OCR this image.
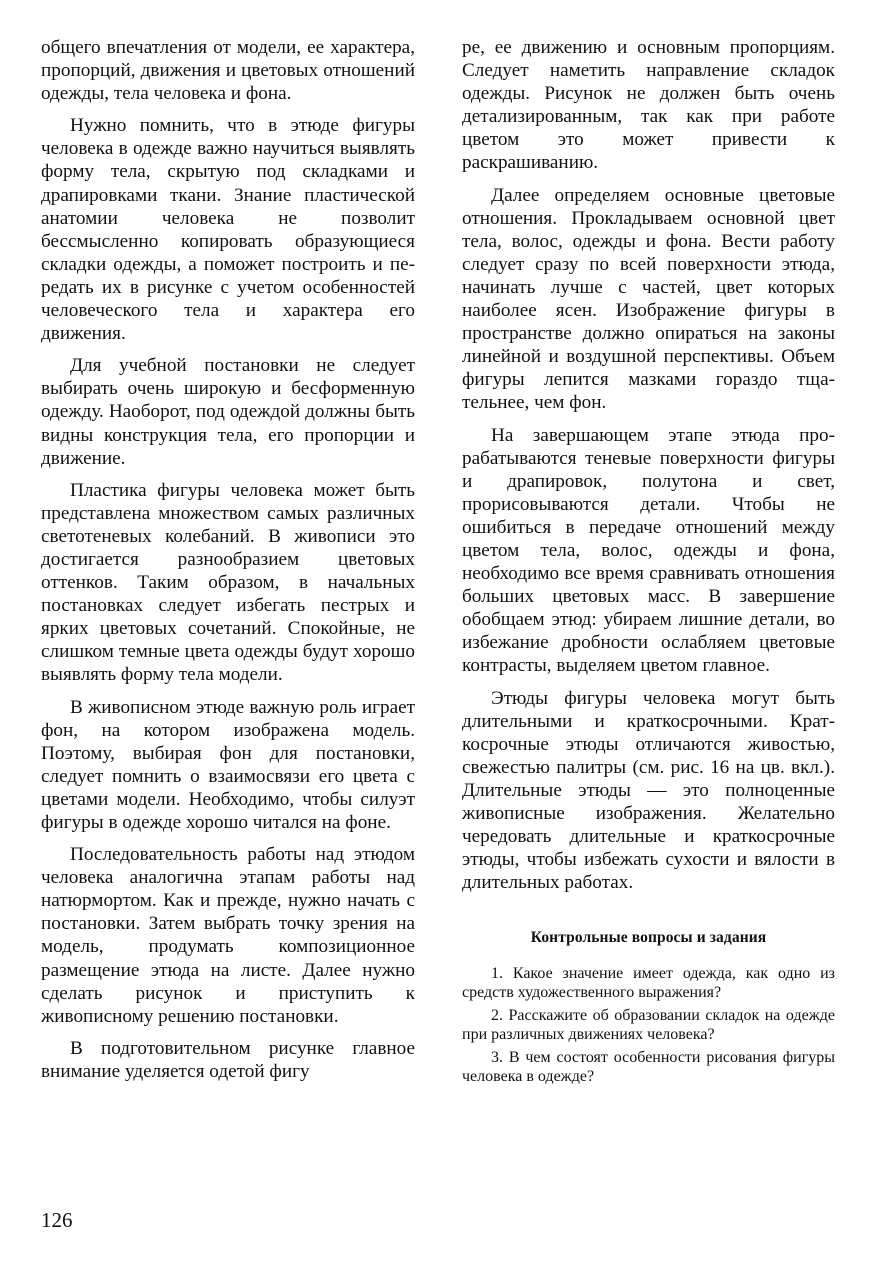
общего впечатления от модели, ее характера, пропорций, движения и цветовых отношений одежды, тела человека и фона.

Нужно помнить, что в этюде фигуры человека в одежде важно научиться выявлять форму тела, скрытую под складками и драпировками ткани. Знание пластической анатомии человека не позволит бессмысленно копировать образующиеся складки одежды, а поможет построить и передать их в рисунке с учетом особенностей человеческого тела и характера его движения.

Для учебной постановки не следует выбирать очень широкую и бесформенную одежду. Наоборот, под одеждой должны быть видны конструкция тела, его пропорции и движение.

Пластика фигуры человека может быть представлена множеством самых различных светотеневых колебаний. В живописи это достигается разнообразием цветовых оттенков. Таким образом, в начальных постановках следует избегать пестрых и ярких цветовых сочетаний. Спокойные, не слишком темные цвета одежды будут хорошо выявлять форму тела модели.

В живописном этюде важную роль играет фон, на котором изображена модель. Поэтому, выбирая фон для постановки, следует помнить о взаимосвязи его цвета с цветами модели. Необходимо, чтобы силуэт фигуры в одежде хорошо читался на фоне.

Последовательность работы над этюдом человека аналогична этапам работы над натюрмортом. Как и прежде, нужно начать с постановки. Затем выбрать точку зрения на модель, продумать композиционное размещение этюда на листе. Далее нужно сделать рисунок и приступить к живописному решению постановки.

В подготовительном рисунке главное внимание уделяется одетой фигу

ре, ее движению и основным пропорциям. Следует наметить направление складок одежды. Рисунок не должен быть очень детализированным, так как при работе цветом это может привести к раскрашиванию.

Далее определяем основные цветовые отношения. Прокладываем основной цвет тела, волос, одежды и фона. Вести работу следует сразу по всей поверхности этюда, начинать лучше с частей, цвет которых наиболее ясен. Изображение фигуры в пространстве должно опираться на законы линейной и воздушной перспективы. Объем фигуры лепится мазками гораздо тщательнее, чем фон.

На завершающем этапе этюда прорабатываются теневые поверхности фигуры и драпировок, полутона и свет, прорисовываются детали. Чтобы не ошибиться в передаче отношений между цветом тела, волос, одежды и фона, необходимо все время сравнивать отношения больших цветовых масс. В завершение обобщаем этюд: убираем лишние детали, во избежание дробности ослабляем цветовые контрасты, выделяем цветом главное.

Этюды фигуры человека могут быть длительными и краткосрочными. Краткосрочные этюды отличаются живостью, свежестью палитры (см. рис. 16 на цв. вкл.). Длительные этюды — это полноценные живописные изображения. Желательно чередовать длительные и краткосрочные этюды, чтобы избежать сухости и вялости в длительных работах.

Контрольные вопросы и задания
1. Какое значение имеет одежда, как одно из средств художественного выражения?
2. Расскажите об образовании складок на одежде при различных движениях человека?
3. В чем состоят особенности рисования фигуры человека в одежде?
126
